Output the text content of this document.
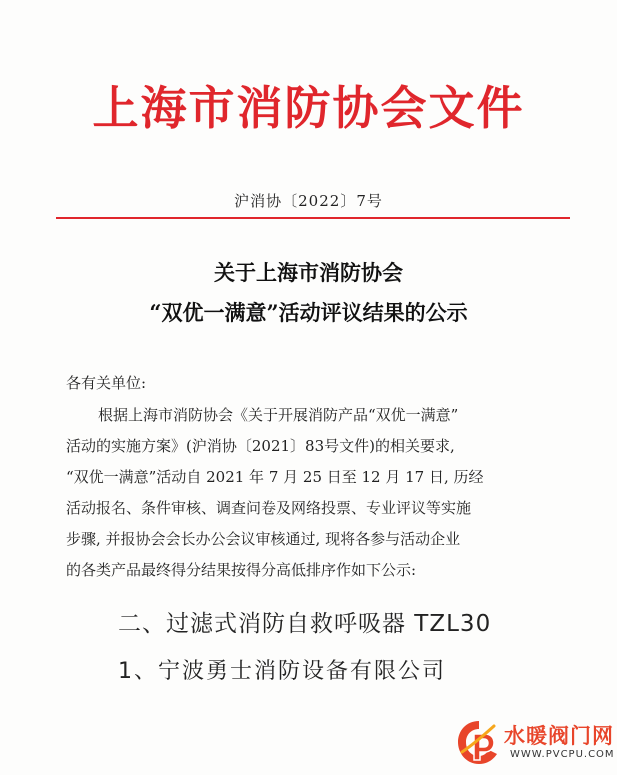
上海市消防协会文件
沪消协〔2022〕7号
关于上海市消防协会
“双优一满意”活动评议结果的公示
各有关单位:
根据上海市消防协会《关于开展消防产品“双优一满意”
活动的实施方案》(沪消协〔2021〕83号文件)的相关要求,
“双优一满意”活动自 2021 年 7 月 25 日至 12 月 17 日, 历经
活动报名、条件审核、调查问卷及网络投票、专业评议等实施
步骤, 并报协会会长办公会议审核通过, 现将各参与活动企业
的各类产品最终得分结果按得分高低排序作如下公示:
二、过滤式消防自救呼吸器 TZL30
1、宁波勇士消防设备有限公司
水暖阀门网
WWW.PVCPU.COM
